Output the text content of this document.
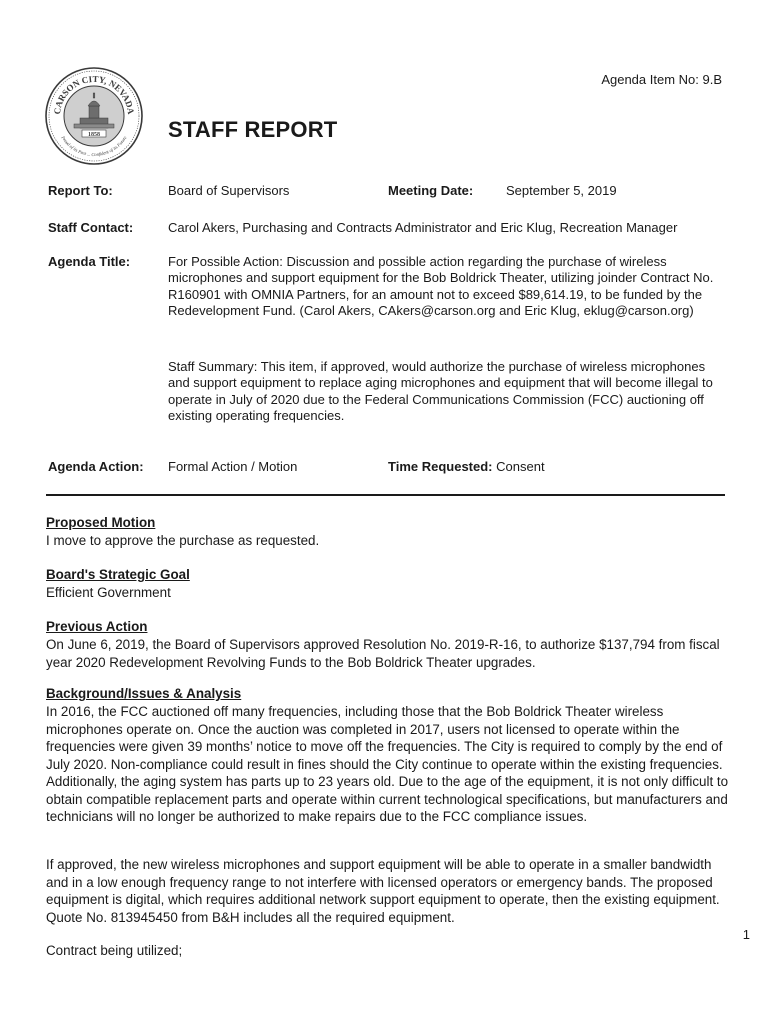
CARSON CITY, NEVADA
Proud of its Past ... Confident of its Future
1858
Agenda Item No: 9.B
STAFF REPORT
Report To:	Board of Supervisors	Meeting Date:	September 5, 2019
Staff Contact:	Carol Akers, Purchasing and Contracts Administrator and Eric Klug, Recreation Manager
Agenda Title:	For Possible Action: Discussion and possible action regarding the purchase of wireless microphones and support equipment for the Bob Boldrick Theater, utilizing joinder Contract No. R160901 with OMNIA Partners, for an amount not to exceed $89,614.19, to be funded by the Redevelopment Fund. (Carol Akers, CAkers@carson.org and Eric Klug, eklug@carson.org)
Staff Summary: This item, if approved, would authorize the purchase of wireless microphones and support equipment to replace aging microphones and equipment that will become illegal to operate in July of 2020 due to the Federal Communications Commission (FCC) auctioning off existing operating frequencies.
Agenda Action: Formal Action / Motion	Time Requested: Consent
Proposed Motion
I move to approve the purchase as requested.
Board's Strategic Goal
Efficient Government
Previous Action
On June 6, 2019, the Board of Supervisors approved Resolution No. 2019-R-16, to authorize $137,794 from fiscal year 2020 Redevelopment Revolving Funds to the Bob Boldrick Theater upgrades.
Background/Issues & Analysis
In 2016, the FCC auctioned off many frequencies, including those that the Bob Boldrick Theater wireless microphones operate on. Once the auction was completed in 2017, users not licensed to operate within the frequencies were given 39 months’ notice to move off the frequencies. The City is required to comply by the end of July 2020. Non-compliance could result in fines should the City continue to operate within the existing frequencies. Additionally, the aging system has parts up to 23 years old. Due to the age of the equipment, it is not only difficult to obtain compatible replacement parts and operate within current technological specifications, but manufacturers and technicians will no longer be authorized to make repairs due to the FCC compliance issues.
If approved, the new wireless microphones and support equipment will be able to operate in a smaller bandwidth and in a low enough frequency range to not interfere with licensed operators or emergency bands. The proposed equipment is digital, which requires additional network support equipment to operate, then the existing equipment. Quote No. 813945450 from B&H includes all the required equipment.
Contract being utilized;
1
